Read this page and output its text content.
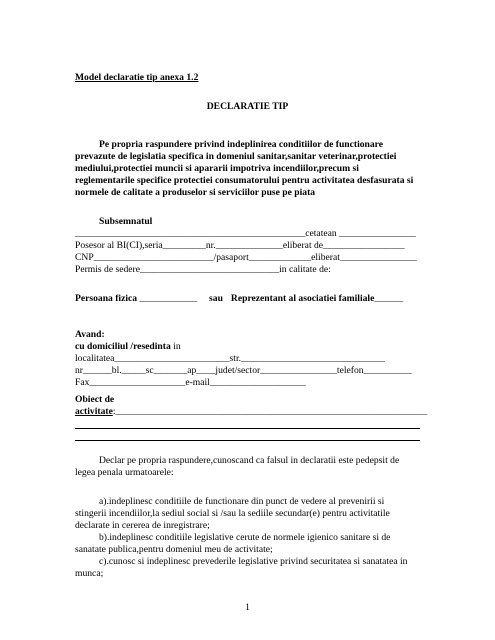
Model declaratie tip anexa 1.2
DECLARATIE TIP
Pe propria raspundere privind indeplinirea conditiilor de functionare
prevazute de legislatia specifica in domeniul sanitar,sanitar veterinar,protectiei
mediului,protectiei muncii si apararii impotriva incendiilor,precum si
reglementarile specifice protectiei consumatorului pentru activitatea desfasurata si
normele de calitate a produselor si serviciilor puse pe piata
Subsemnatul
________________________________________________cetatean ________________
Posesor al BI(CI),seria_________nr.______________eliberat de_________________
CNP_________________________/pasaport_____________eliberat________________
Permis de sedere_____________________________in calitate de:
Persoana fizica ____________ sau Reprezentant al asociatiei familiale______
Avand:
cu domiciliul /resedinta in
localitatea________________________str.______________________________
nr______bl._____sc_______ap____judet/sector________________telefon__________
Fax____________________e-mail____________________
Obiect de
activitate:_________________________________________________________________
Declar pe propria raspundere,cunoscand ca falsul in declaratii este pedepsit de
legea penala urmatoarele:
a).indeplinesc conditiile de functionare din punct de vedere al prevenirii si
stingerii incendiilor,la sediul social si /sau la sediile secundar(e) pentru activitatile
declarate in cererea de inregistrare;
b).indeplinesc conditiile legislative cerute de normele igienico sanitare si de
sanatate publica,pentru domeniul meu de activitate;
c).cunosc si indeplinesc prevederile legislative privind securitatea si sanatatea in
munca;
1
